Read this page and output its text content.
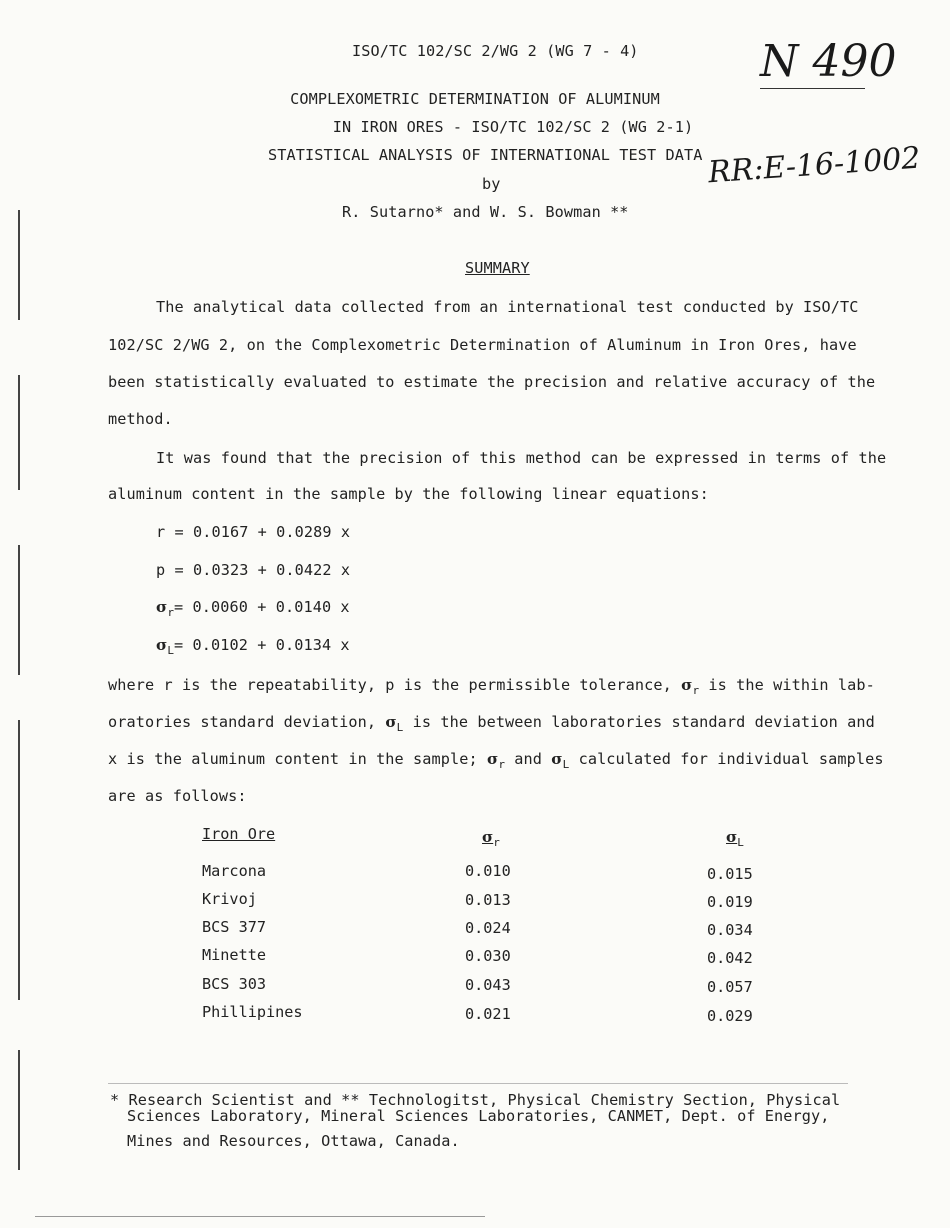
ISO/TC 102/SC 2/WG 2 (WG 7 - 4)	N 490
COMPLEXOMETRIC DETERMINATION OF ALUMINUM
IN IRON ORES - ISO/TC 102/SC 2 (WG 2-1)
STATISTICAL ANALYSIS OF INTERNATIONAL TEST DATA RR:E-16-1002
by
R. Sutarno* and W. S. Bowman **
SUMMARY
The analytical data collected from an international test conducted by ISO/TC
102/SC 2/WG 2, on the Complexometric Determination of Aluminum in Iron Ores, have
been statistically evaluated to estimate the precision and relative accuracy of the
method.
It was found that the precision of this method can be expressed in terms of the
aluminum content in the sample by the following linear equations:
r = 0.0167 + 0.0289 x
p = 0.0323 + 0.0422 x
$\sigma_r= 0.0060 + 0.0140$ x
$\sigma_L= 0.0102 + 0.0134$ x
where r is the repeatability, p is the permissible tolerance, $\sigma_r$ is the within lab-
oratories standard deviation, $\sigma_L$ is the between laboratories standard deviation and
x is the aluminum content in the sample; $\sigma_r$ and $\sigma_L$ calculated for individual samples
are as follows:
Iron Ore	$\sigma_r$	$\sigma_L$
Marcona	0.010	0.015
Krivoj	0.013	0.019
BCS 377	0.024	0.034
Minette	0.030	0.042
BCS 303	0.043	0.057
Phillipines	0.021	0.029
* Research Scientist and ** Technologitst, Physical Chemistry Section, Physical
Sciences Laboratory, Mineral Sciences Laboratories, CANMET, Dept. of Energy,
Mines and Resources, Ottawa, Canada.
